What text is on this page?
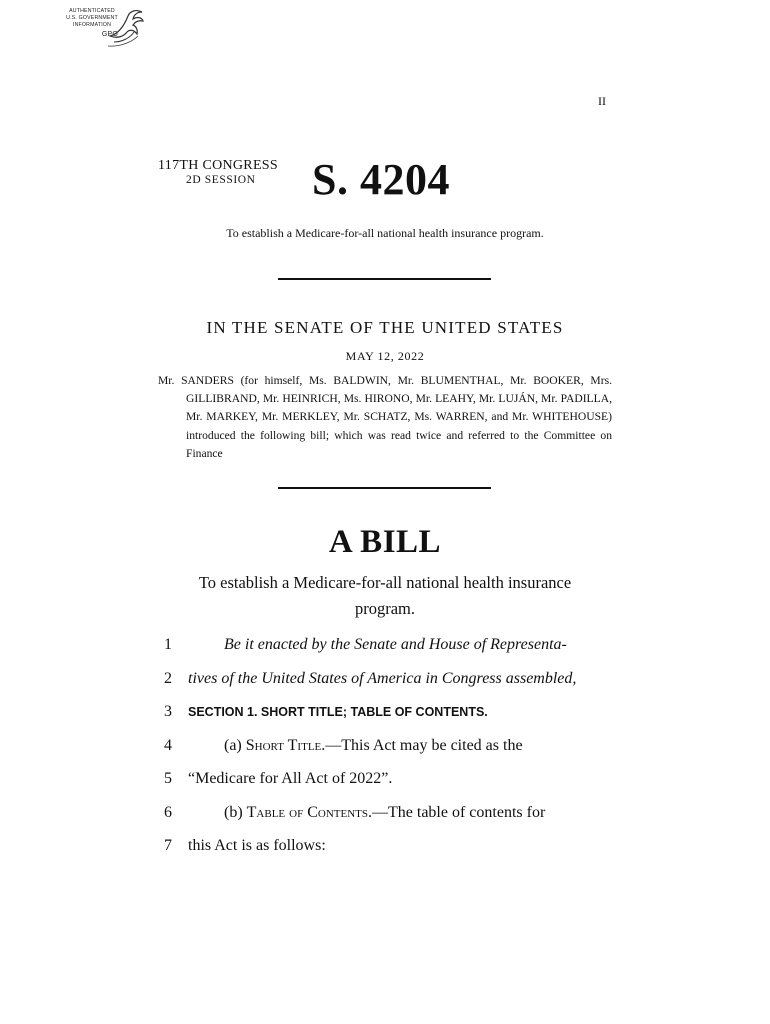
AUTHENTICATED
U.S. GOVERNMENT
INFORMATION
GPO
II
117TH CONGRESS
2D SESSION S. 4204
To establish a Medicare-for-all national health insurance program.
IN THE SENATE OF THE UNITED STATES
MAY 12, 2022
Mr. SANDERS (for himself, Ms. BALDWIN, Mr. BLUMENTHAL, Mr. BOOKER, Mrs. GILLIBRAND, Mr. HEINRICH, Ms. HIRONO, Mr. LEAHY, Mr. LUJÁN, Mr. PADILLA, Mr. MARKEY, Mr. MERKLEY, Mr. SCHATZ, Ms. WARREN, and Mr. WHITEHOUSE) introduced the following bill; which was read twice and referred to the Committee on Finance
A BILL
To establish a Medicare-for-all national health insurance
program.
1	Be it enacted by the Senate and House of Representa-
2 tives of the United States of America in Congress assembled,
3 SECTION 1. SHORT TITLE; TABLE OF CONTENTS.
4	(a) Short Title.—This Act may be cited as the
5 “Medicare for All Act of 2022”.
6	(b) Table of Contents.—The table of contents for
7 this Act is as follows:
